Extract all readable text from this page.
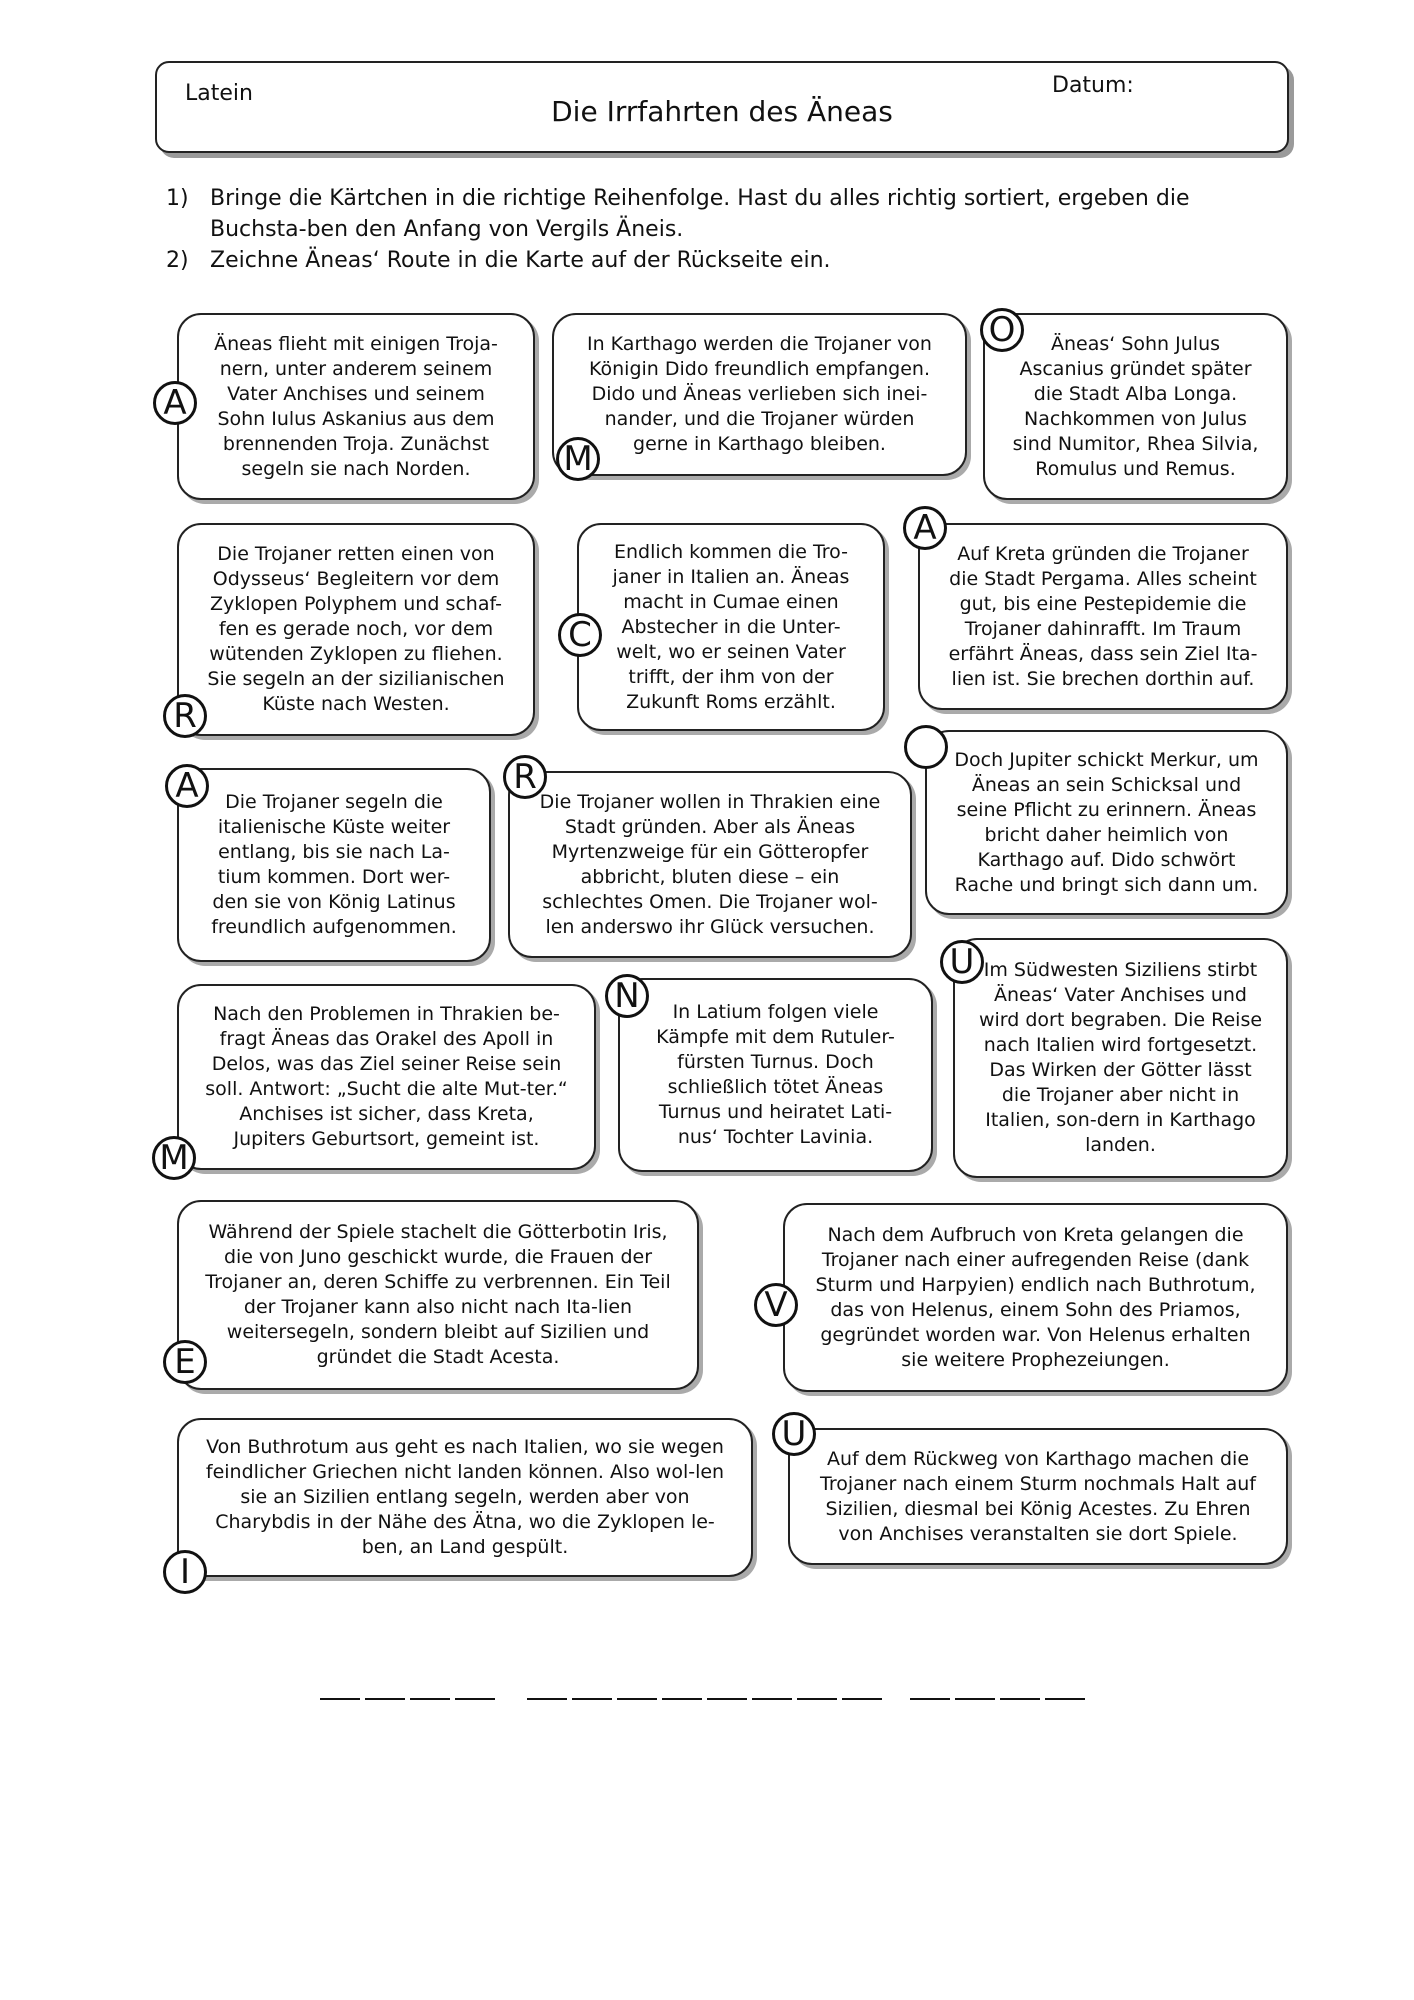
Latein	Datum:
Die Irrfahrten des Äneas
1) Bringe die Kärtchen in die richtige Reihenfolge. Hast du alles richtig sortiert, ergeben die Buchsta-ben den Anfang von Vergils Äneis.
2) Zeichne Äneas‘ Route in die Karte auf der Rückseite ein.
Äneas flieht mit einigen Troja-nern, unter anderem seinem Vater Anchises und seinem Sohn Iulus Askanius aus dem brennenden Troja. Zunächst segeln sie nach Norden.
A
In Karthago werden die Trojaner von Königin Dido freundlich empfangen. Dido und Äneas verlieben sich inei-nander, und die Trojaner würden gerne in Karthago bleiben.
M
Äneas‘ Sohn Julus Ascanius gründet später die Stadt Alba Longa. Nachkommen von Julus sind Numitor, Rhea Silvia, Romulus und Remus.
O
Die Trojaner retten einen von Odysseus‘ Begleitern vor dem Zyklopen Polyphem und schaf-fen es gerade noch, vor dem wütenden Zyklopen zu fliehen. Sie segeln an der sizilianischen Küste nach Westen.
R
Endlich kommen die Tro-janer in Italien an. Äneas macht in Cumae einen Abstecher in die Unter-welt, wo er seinen Vater trifft, der ihm von der Zukunft Roms erzählt.
C
Auf Kreta gründen die Trojaner die Stadt Pergama. Alles scheint gut, bis eine Pestepidemie die Trojaner dahinrafft. Im Traum erfährt Äneas, dass sein Ziel Ita-lien ist. Sie brechen dorthin auf.
A
Die Trojaner segeln die italienische Küste weiter entlang, bis sie nach La-tium kommen. Dort wer-den sie von König Latinus freundlich aufgenommen.
A	Die Trojaner wollen in Thrakien eine Stadt gründen. Aber als Äneas Myrtenzweige für ein Götteropfer abbricht, bluten diese – ein schlechtes Omen. Die Trojaner wol-len anderswo ihr Glück versuchen.
R	Doch Jupiter schickt Merkur, um Äneas an sein Schicksal und seine Pflicht zu erinnern. Äneas bricht daher heimlich von Karthago auf. Dido schwört Rache und bringt sich dann um.
Nach den Problemen in Thrakien be-fragt Äneas das Orakel des Apoll in Delos, was das Ziel seiner Reise sein soll. Antwort: „Sucht die alte Mut-ter.“ Anchises ist sicher, dass Kreta, Jupiters Geburtsort, gemeint ist.
M
In Latium folgen viele Kämpfe mit dem Rutuler-fürsten Turnus. Doch schließlich tötet Äneas Turnus und heiratet Lati-nus‘ Tochter Lavinia.
N
Im Südwesten Siziliens stirbt Äneas‘ Vater Anchises und wird dort begraben. Die Reise nach Italien wird fortgesetzt. Das Wirken der Götter lässt die Trojaner aber nicht in Italien, son-dern in Karthago landen.
U
Während der Spiele stachelt die Götterbotin Iris, die von Juno geschickt wurde, die Frauen der Trojaner an, deren Schiffe zu verbrennen. Ein Teil der Trojaner kann also nicht nach Ita-lien weitersegeln, sondern bleibt auf Sizilien und gründet die Stadt Acesta.
E
Nach dem Aufbruch von Kreta gelangen die Trojaner nach einer aufregenden Reise (dank Sturm und Harpyien) endlich nach Buthrotum, das von Helenus, einem Sohn des Priamos, gegründet worden war. Von Helenus erhalten sie weitere Prophezeiungen.
V
Von Buthrotum aus geht es nach Italien, wo sie wegen feindlicher Griechen nicht landen können. Also wol-len sie an Sizilien entlang segeln, werden aber von Charybdis in der Nähe des Ätna, wo die Zyklopen le-ben, an Land gespült.
I
Auf dem Rückweg von Karthago machen die Trojaner nach einem Sturm nochmals Halt auf Sizilien, diesmal bei König Acestes. Zu Ehren von Anchises veranstalten sie dort Spiele.
U
